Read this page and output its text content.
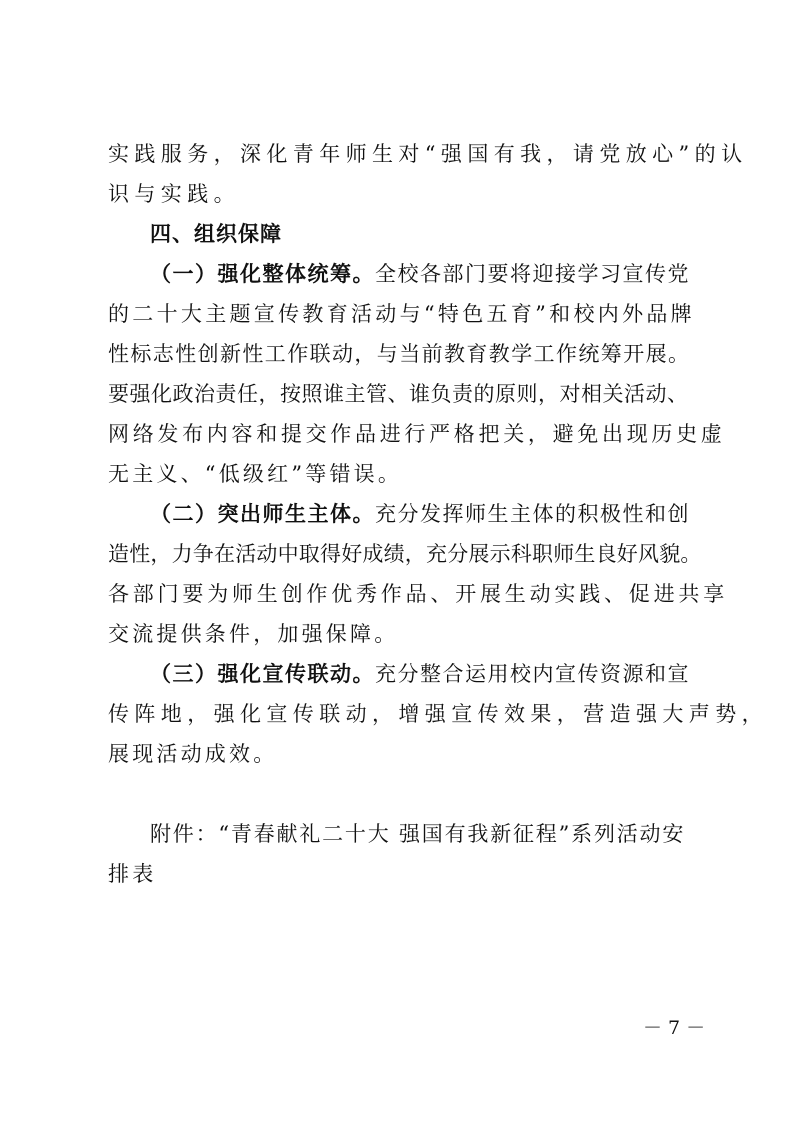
实践服务，深化青年师生对“强国有我，请党放心”的认
识与实践。
四、组织保障
（一）强化整体统筹。全校各部门要将迎接学习宣传党
的二十大主题宣传教育活动与“特色五育”和校内外品牌
性标志性创新性工作联动，与当前教育教学工作统筹开展。
要强化政治责任，按照谁主管、谁负责的原则，对相关活动、
网络发布内容和提交作品进行严格把关，避免出现历史虚
无主义、“低级红”等错误。
（二）突出师生主体。充分发挥师生主体的积极性和创
造性，力争在活动中取得好成绩，充分展示科职师生良好风貌。
各部门要为师生创作优秀作品、开展生动实践、促进共享
交流提供条件，加强保障。
（三）强化宣传联动。充分整合运用校内宣传资源和宣
传阵地，强化宣传联动，增强宣传效果，营造强大声势，
展现活动成效。
附件：“青春献礼二十大 强国有我新征程”系列活动安
排表
－ 7 －
